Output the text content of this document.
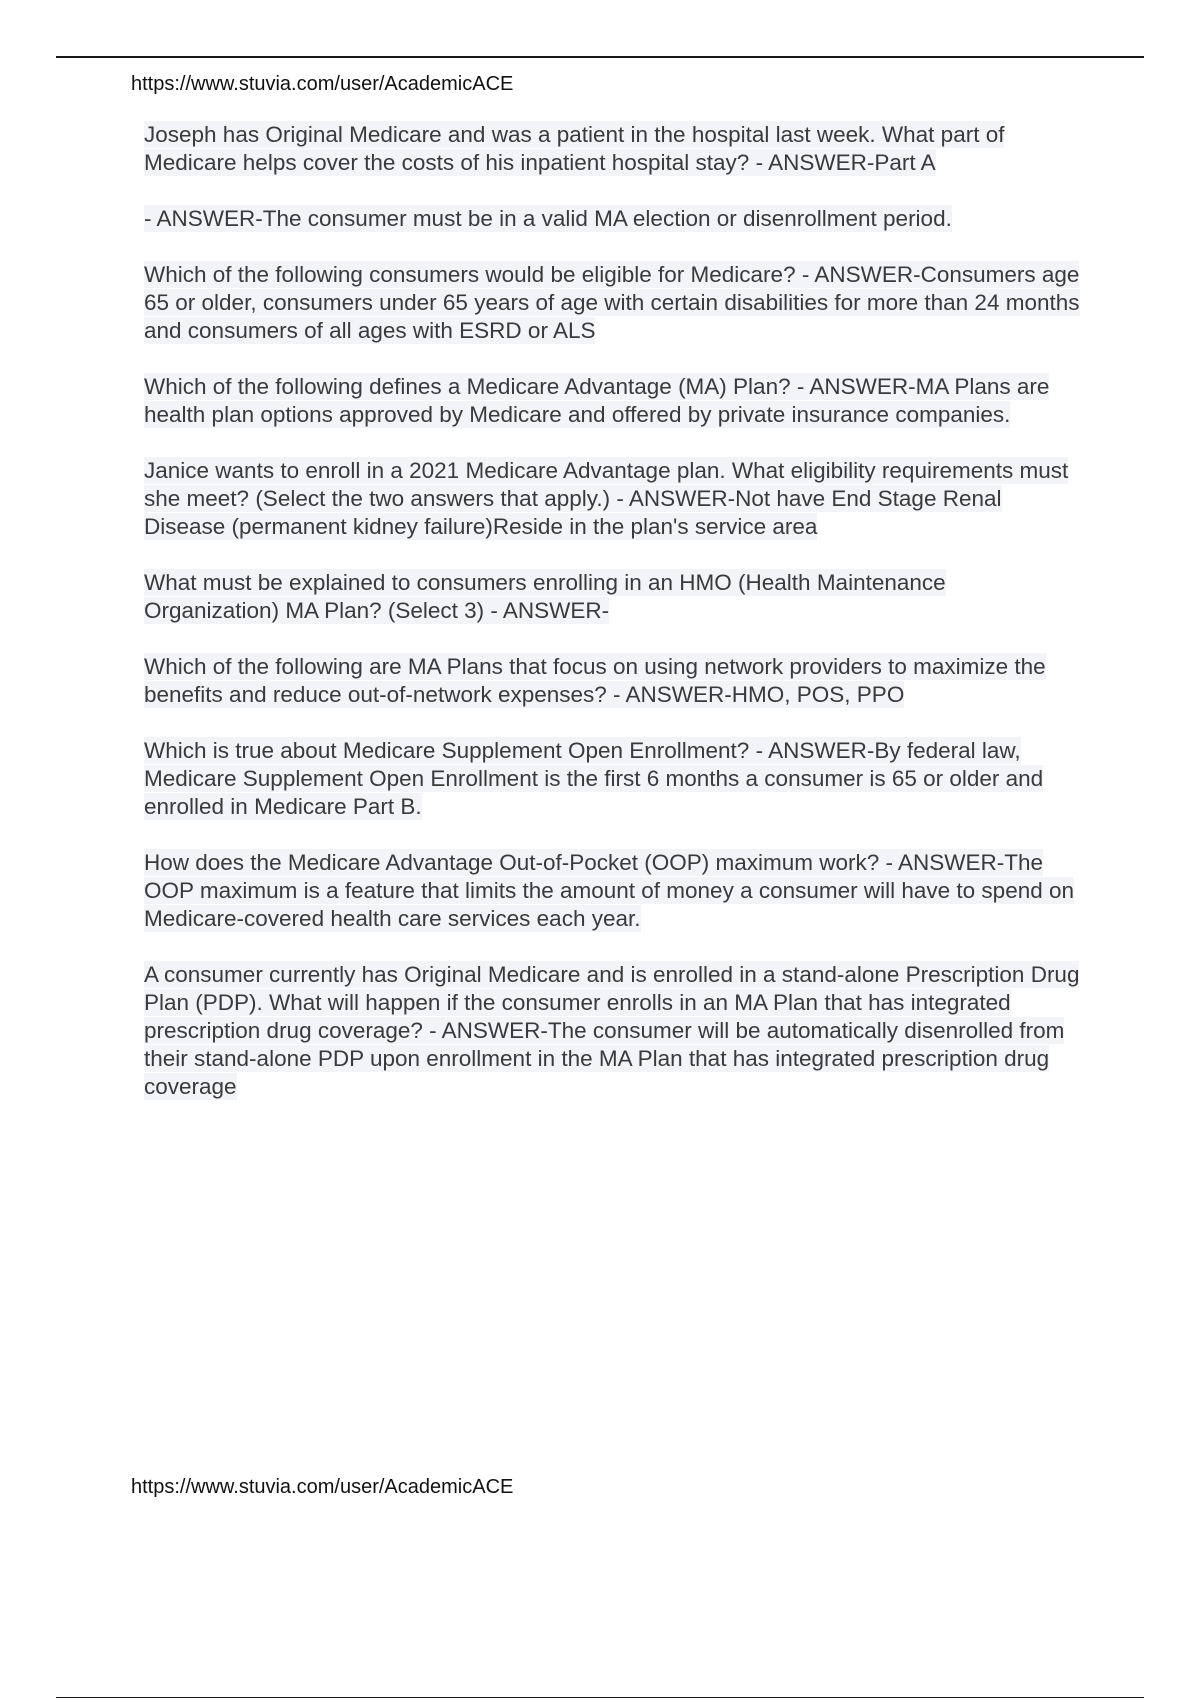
https://www.stuvia.com/user/AcademicACE

Joseph has Original Medicare and was a patient in the hospital last week. What part of Medicare helps cover the costs of his inpatient hospital stay? - ANSWER-Part A

- ANSWER-The consumer must be in a valid MA election or disenrollment period.

Which of the following consumers would be eligible for Medicare? - ANSWER-Consumers age 65 or older, consumers under 65 years of age with certain disabilities for more than 24 months and consumers of all ages with ESRD or ALS

Which of the following defines a Medicare Advantage (MA) Plan? - ANSWER-MA Plans are health plan options approved by Medicare and offered by private insurance companies.

Janice wants to enroll in a 2021 Medicare Advantage plan. What eligibility requirements must she meet? (Select the two answers that apply.) - ANSWER-Not have End Stage Renal Disease (permanent kidney failure)Reside in the plan's service area

What must be explained to consumers enrolling in an HMO (Health Maintenance Organization) MA Plan? (Select 3) - ANSWER-

Which of the following are MA Plans that focus on using network providers to maximize the benefits and reduce out-of-network expenses? - ANSWER-HMO, POS, PPO

Which is true about Medicare Supplement Open Enrollment? - ANSWER-By federal law, Medicare Supplement Open Enrollment is the first 6 months a consumer is 65 or older and enrolled in Medicare Part B.

How does the Medicare Advantage Out-of-Pocket (OOP) maximum work? - ANSWER-The OOP maximum is a feature that limits the amount of money a consumer will have to spend on Medicare-covered health care services each year.

A consumer currently has Original Medicare and is enrolled in a stand-alone Prescription Drug Plan (PDP). What will happen if the consumer enrolls in an MA Plan that has integrated prescription drug coverage? - ANSWER-The consumer will be automatically disenrolled from their stand-alone PDP upon enrollment in the MA Plan that has integrated prescription drug coverage

https://www.stuvia.com/user/AcademicACE
